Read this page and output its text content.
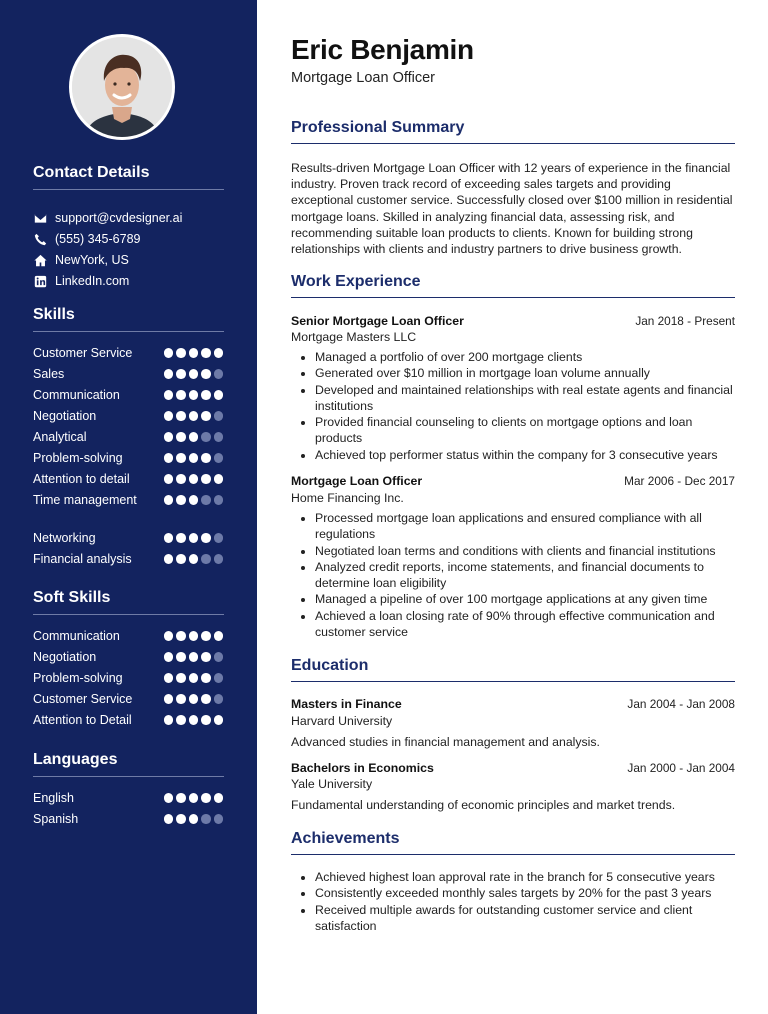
Contact Details
support@cvdesigner.ai
(555) 345-6789
NewYork, US
LinkedIn.com
Skills
Customer Service
Sales
Communication
Negotiation
Analytical
Problem-solving
Attention to detail
Time management
Networking
Financial analysis
Soft Skills
Communication
Negotiation
Problem-solving
Customer Service
Attention to Detail
Languages
English
Spanish
Eric Benjamin
Mortgage Loan Officer
Professional Summary
Results-driven Mortgage Loan Officer with 12 years of experience in the financial industry. Proven track record of exceeding sales targets and providing exceptional customer service. Successfully closed over $100 million in residential mortgage loans. Skilled in analyzing financial data, assessing risk, and recommending suitable loan products to clients. Known for building strong relationships with clients and industry partners to drive business growth.
Work Experience
Senior Mortgage Loan Officer	Jan 2018 - Present
Mortgage Masters LLC
• Managed a portfolio of over 200 mortgage clients
• Generated over $10 million in mortgage loan volume annually
• Developed and maintained relationships with real estate agents and financial institutions
• Provided financial counseling to clients on mortgage options and loan products
• Achieved top performer status within the company for 3 consecutive years
Mortgage Loan Officer	Mar 2006 - Dec 2017
Home Financing Inc.
• Processed mortgage loan applications and ensured compliance with all regulations
• Negotiated loan terms and conditions with clients and financial institutions
• Analyzed credit reports, income statements, and financial documents to determine loan eligibility
• Managed a pipeline of over 100 mortgage applications at any given time
• Achieved a loan closing rate of 90% through effective communication and customer service
Education
Masters in Finance	Jan 2004 - Jan 2008
Harvard University
Advanced studies in financial management and analysis.
Bachelors in Economics	Jan 2000 - Jan 2004
Yale University
Fundamental understanding of economic principles and market trends.
Achievements
• Achieved highest loan approval rate in the branch for 5 consecutive years
• Consistently exceeded monthly sales targets by 20% for the past 3 years
• Received multiple awards for outstanding customer service and client satisfaction
